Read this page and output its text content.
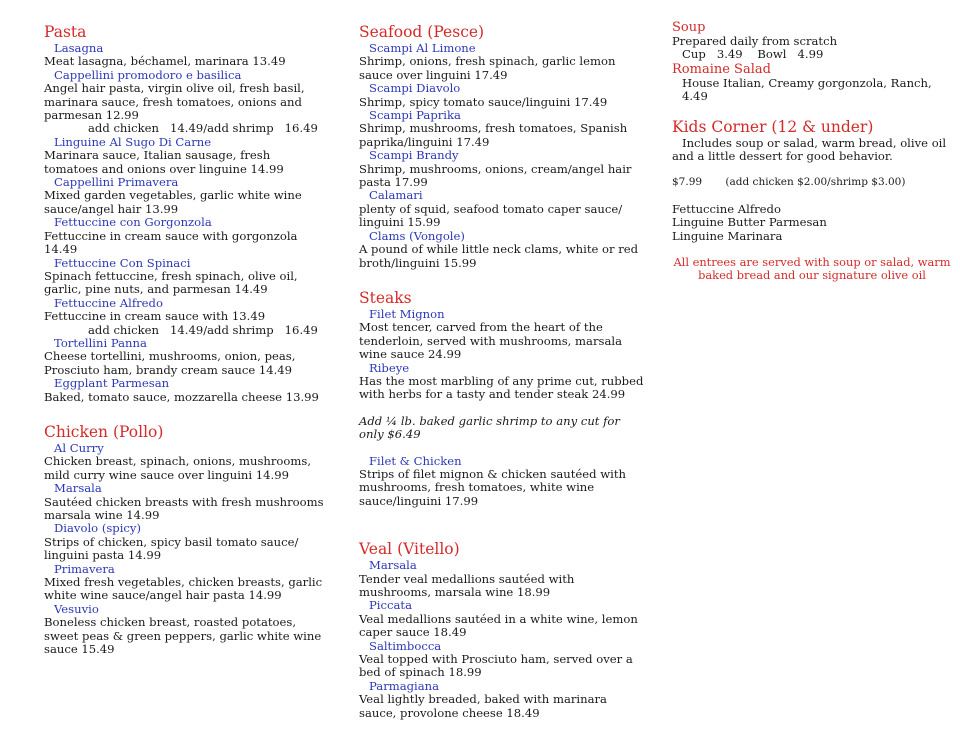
Pasta
Lasagna
Meat lasagna, béchamel, marinara 13.49
Cappellini promodoro e basilica
Angel hair pasta, virgin olive oil, fresh basil, marinara sauce, fresh tomatoes, onions and parmesan 12.99
add chicken   14.49/add shrimp   16.49
Linguine Al Sugo Di Carne
Marinara sauce, Italian sausage, fresh tomatoes and onions over linguine 14.99
Cappellini Primavera
Mixed garden vegetables, garlic white wine sauce/angel hair 13.99
Fettuccine con Gorgonzola
Fettuccine in cream sauce with gorgonzola 14.49
Fettuccine Con Spinaci
Spinach fettuccine, fresh spinach, olive oil, garlic, pine nuts, and parmesan 14.49
Fettuccine Alfredo
Fettuccine in cream sauce with 13.49
add chicken   14.49/add shrimp   16.49
Tortellini Panna
Cheese tortellini, mushrooms, onion, peas, Prosciuto ham, brandy cream sauce 14.49
Eggplant Parmesan
Baked, tomato sauce, mozzarella cheese 13.99
Chicken (Pollo)
Al Curry
Chicken breast, spinach, onions, mushrooms, mild curry wine sauce over linguini 14.99
Marsala
Sautéed chicken breasts with fresh mushrooms marsala wine 14.99
Diavolo (spicy)
Strips of chicken, spicy basil tomato sauce/ linguini pasta 14.99
Primavera
Mixed fresh vegetables, chicken breasts, garlic white wine sauce/angel hair pasta 14.99
Vesuvio
Boneless chicken breast, roasted potatoes, sweet peas & green peppers, garlic white wine sauce 15.49
Seafood (Pesce)
Scampi Al Limone
Shrimp, onions, fresh spinach, garlic lemon sauce over linguini 17.49
Scampi Diavolo
Shrimp, spicy tomato sauce/linguini 17.49
Scampi Paprika
Shrimp, mushrooms, fresh tomatoes, Spanish paprika/linguini 17.49
Scampi Brandy
Shrimp, mushrooms, onions, cream/angel hair pasta 17.99
Calamari
plenty of squid, seafood tomato caper sauce/ linguini 15.99
Clams (Vongole)
A pound of while little neck clams, white or red broth/linguini 15.99
Steaks
Filet Mignon
Most tencer, carved from the heart of the tenderloin, served with mushrooms, marsala wine sauce 24.99
Ribeye
Has the most marbling of any prime cut, rubbed with herbs for a tasty and tender steak 24.99
Add ¼ lb. baked garlic shrimp to any cut for only $6.49
Filet & Chicken
Strips of filet mignon & chicken sautéed with mushrooms, fresh tomatoes, white wine sauce/linguini 17.99
Veal (Vitello)
Marsala
Tender veal medallions sautéed with mushrooms, marsala wine 18.99
Piccata
Veal medallions sautéed in a white wine, lemon caper sauce 18.49
Saltimbocca
Veal topped with Prosciuto ham, served over a bed of spinach 18.99
Parmagiana
Veal lightly breaded, baked with marinara sauce, provolone cheese 18.49
Soup
Prepared daily from scratch
Cup   3.49    Bowl   4.99
Romaine Salad
House Italian, Creamy gorgonzola, Ranch, 4.49
Kids Corner (12 & under)
Includes soup or salad, warm bread, olive oil and a little dessert for good behavior.
$7.99       (add chicken $2.00/shrimp $3.00)
Fettuccine Alfredo
Linguine Butter Parmesan
Linguine Marinara
All entrees are served with soup or salad, warm baked bread and our signature olive oil
